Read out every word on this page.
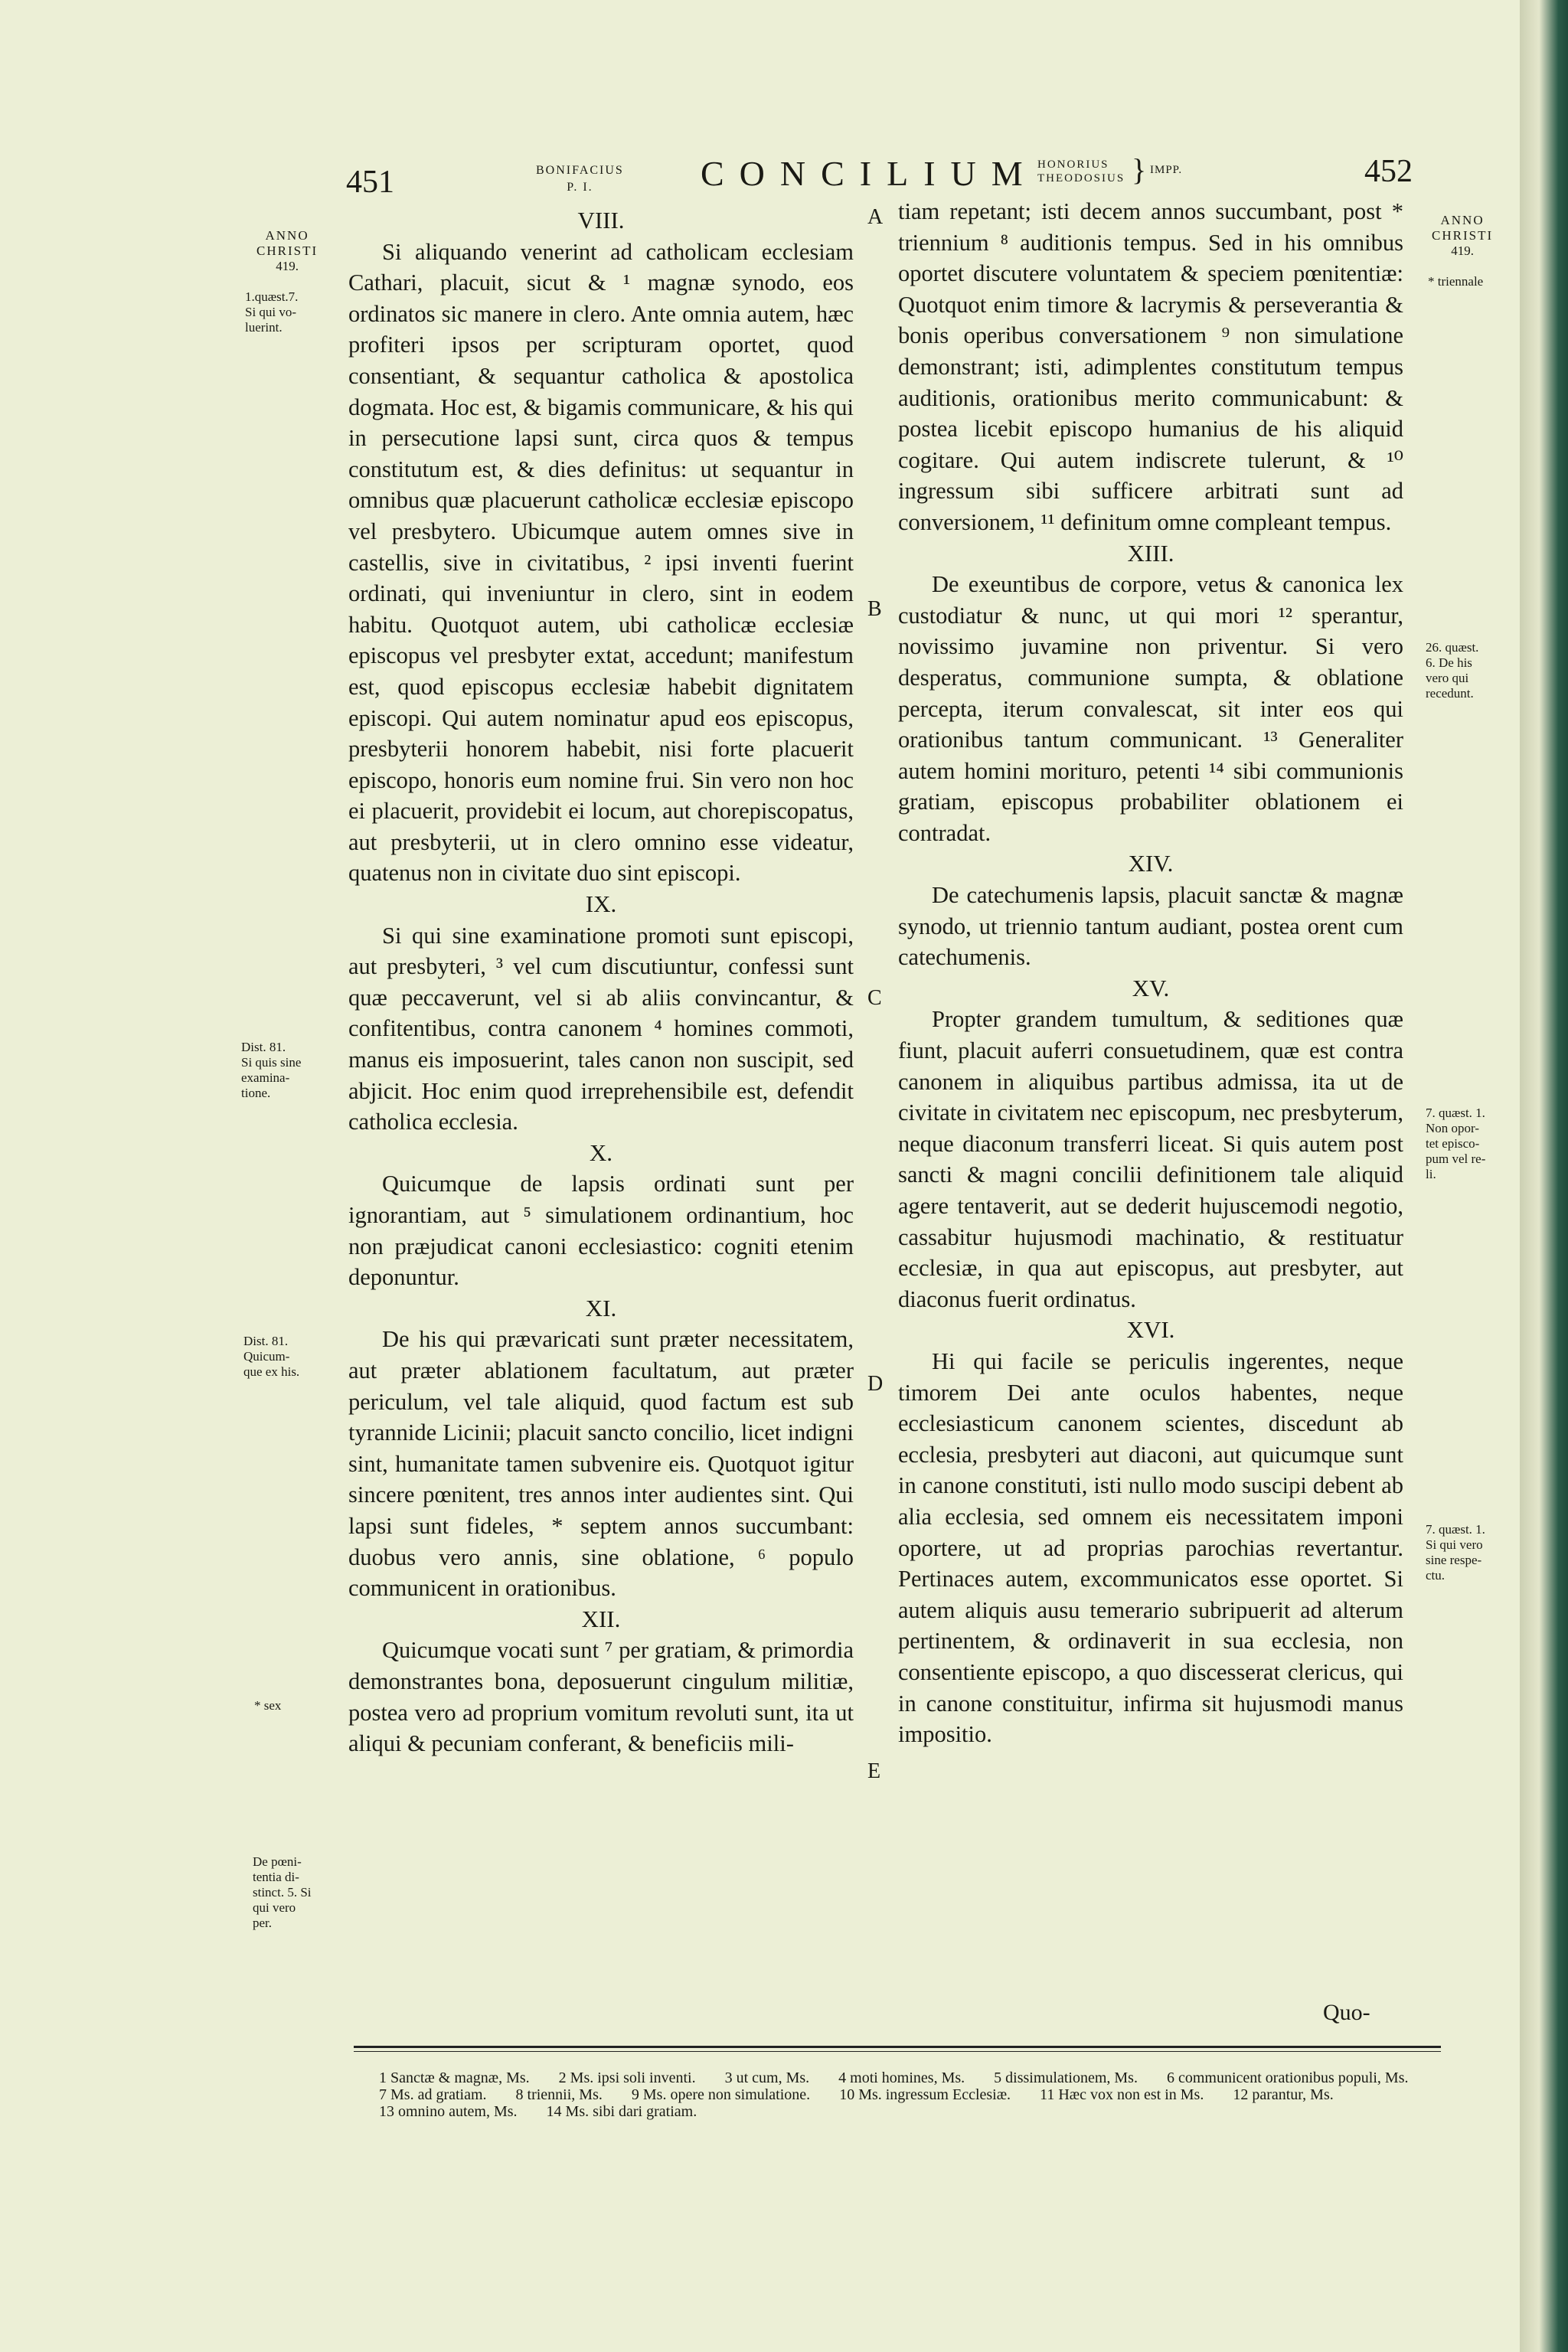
451	BONIFACIUS
P. I.	CONCILIUM HONORIUS
THEODOSIUS } IMPP.	452
ANNO
CHRISTI
419.
1.quæst.7.
Si qui vo-
luerint.
Dist. 81.
Si quis sine
examina-
tione.
Dist. 81.
Quicum-
que ex his.
* sex
De pœni-
tentia di-
stinct. 5. Si
qui vero
per.
A
B
C
D
E
VIII.
Si aliquando venerint ad catholicam ecclesiam Cathari, placuit, sicut & ¹ magnæ synodo, eos ordinatos sic manere in clero. Ante omnia autem, hæc profiteri ipsos per scripturam oportet, quod consentiant, & sequantur catholica & apostolica dogmata. Hoc est, & bigamis communicare, & his qui in persecutione lapsi sunt, circa quos & tempus constitutum est, & dies definitus: ut sequantur in omnibus quæ placuerunt catholicæ ecclesiæ episcopo vel presbytero. Ubicumque autem omnes sive in castellis, sive in civitatibus, ² ipsi inventi fuerint ordinati, qui inveniuntur in clero, sint in eodem habitu. Quotquot autem, ubi catholicæ ecclesiæ episcopus vel presbyter extat, accedunt; manifestum est, quod episcopus ecclesiæ habebit dignitatem episcopi. Qui autem nominatur apud eos episcopus, presbyterii honorem habebit, nisi forte placuerit episcopo, honoris eum nomine frui. Sin vero non hoc ei placuerit, providebit ei locum, aut chorepiscopatus, aut presbyterii, ut in clero omnino esse videatur, quatenus non in civitate duo sint episcopi.
IX.
Si qui sine examinatione promoti sunt episcopi, aut presbyteri, ³ vel cum discutiuntur, confessi sunt quæ peccaverunt, vel si ab aliis convincantur, & confitentibus, contra canonem ⁴ homines commoti, manus eis imposuerint, tales canon non suscipit, sed abjicit. Hoc enim quod irreprehensibile est, defendit catholica ecclesia.
X.
Quicumque de lapsis ordinati sunt per ignorantiam, aut ⁵ simulationem ordinantium, hoc non præjudicat canoni ecclesiastico: cogniti etenim deponuntur.
XI.
De his qui prævaricati sunt præter necessitatem, aut præter ablationem facultatum, aut præter periculum, vel tale aliquid, quod factum est sub tyrannide Licinii; placuit sancto concilio, licet indigni sint, humanitate tamen subvenire eis. Quotquot igitur sincere pœnitent, tres annos inter audientes sint. Qui lapsi sunt fideles, * septem annos succumbant: duobus vero annis, sine oblatione, ⁶ populo communicent in orationibus.
XII.
Quicumque vocati sunt ⁷ per gratiam, & primordia demonstrantes bona, deposuerunt cingulum militiæ, postea vero ad proprium vomitum revoluti sunt, ita ut aliqui & pecuniam conferant, & beneficiis mili-
tiam repetant; isti decem annos succumbant, post * triennium ⁸ auditionis tempus. Sed in his omnibus oportet discutere voluntatem & speciem pœnitentiæ: Quotquot enim timore & lacrymis & perseverantia & bonis operibus conversationem ⁹ non simulatione demonstrant; isti, adimplentes constitutum tempus auditionis, orationibus merito communicabunt: & postea licebit episcopo humanius de his aliquid cogitare. Qui autem indiscrete tulerunt, & ¹⁰ ingressum sibi sufficere arbitrati sunt ad conversionem, ¹¹ definitum omne compleant tempus.
XIII.
De exeuntibus de corpore, vetus & canonica lex custodiatur & nunc, ut qui mori ¹² sperantur, novissimo juvamine non priventur. Si vero desperatus, communione sumpta, & oblatione percepta, iterum convalescat, sit inter eos qui orationibus tantum communicant. ¹³ Generaliter autem homini morituro, petenti ¹⁴ sibi communionis gratiam, episcopus probabiliter oblationem ei contradat.
XIV.
De catechumenis lapsis, placuit sanctæ & magnæ synodo, ut triennio tantum audiant, postea orent cum catechumenis.
XV.
Propter grandem tumultum, & seditiones quæ fiunt, placuit auferri consuetudinem, quæ est contra canonem in aliquibus partibus admissa, ita ut de civitate in civitatem nec episcopum, nec presbyterum, neque diaconum transferri liceat. Si quis autem post sancti & magni concilii definitionem tale aliquid agere tentaverit, aut se dederit hujuscemodi negotio, cassabitur hujusmodi machinatio, & restituatur ecclesiæ, in qua aut episcopus, aut presbyter, aut diaconus fuerit ordinatus.
XVI.
Hi qui facile se periculis ingerentes, neque timorem Dei ante oculos habentes, neque ecclesiasticum canonem scientes, discedunt ab ecclesia, presbyteri aut diaconi, aut quicumque sunt in canone constituti, isti nullo modo suscipi debent ab alia ecclesia, sed omnem eis necessitatem imponi oportere, ut ad proprias parochias revertantur. Pertinaces autem, excommunicatos esse oportet. Si autem aliquis ausu temerario subripuerit ad alterum pertinentem, & ordinaverit in sua ecclesia, non consentiente episcopo, a quo discesserat clericus, qui in canone constituitur, infirma sit hujusmodi manus impositio.
ANNO
CHRISTI
419.
* triennale
26. quæst.
6. De his
vero qui
recedunt.
7. quæst. 1.
Non opor-
tet episco-
pum vel re-
li.
7. quæst. 1.
Si qui vero
sine respe-
ctu.
Quo-
1 Sanctæ & magnæ, Ms. 2 Ms. ipsi soli inventi. 3 ut cum, Ms. 4 moti homines, Ms. 5 dissimulationem, Ms. 6 communicent orationibus populi, Ms.7 Ms. ad gratiam. 8 triennii, Ms. 9 Ms. opere non simulatione. 10 Ms. ingressum Ecclesiæ. 11 Hæc vox non est in Ms. 12 parantur, Ms.13 omnino autem, Ms. 14 Ms. sibi dari gratiam.
